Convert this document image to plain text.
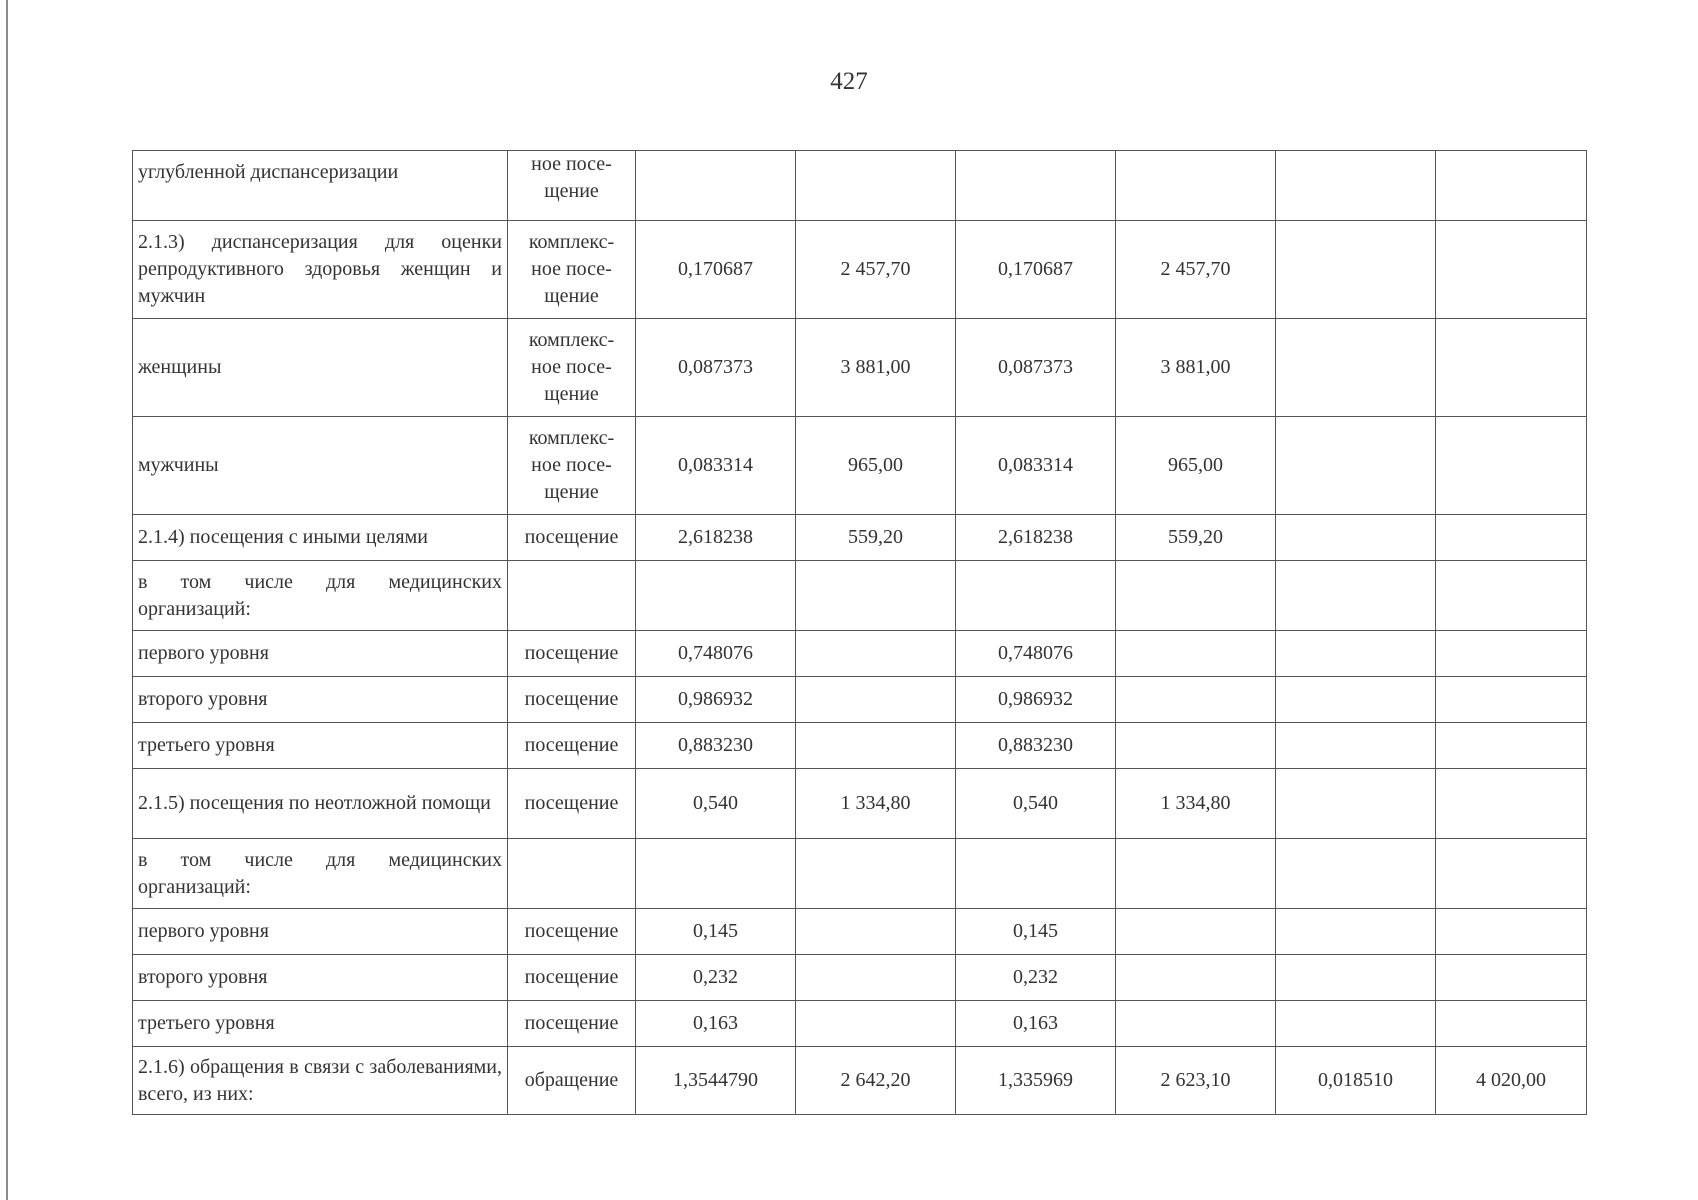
427
углубленной диспансеризации	ное посе-
щение						

2.1.3) диспансеризация для оценки репродуктивного здоровья женщин и мужчин	комплекс-
ное посе-
щение	0,170687	2 457,70	0,170687	2 457,70		
женщины	комплекс-
ное посе-
щение	0,087373	3 881,00	0,087373	3 881,00		
мужчины	комплекс-
ное посе-
щение	0,083314	965,00	0,083314	965,00		
2.1.4) посещения с иными целями	посещение	2,618238	559,20	2,618238	559,20		
в том числе для медицинских организаций:							
первого уровня	посещение	0,748076		0,748076			
второго уровня	посещение	0,986932		0,986932			
третьего уровня	посещение	0,883230		0,883230			
2.1.5) посещения по неотложной помощи	посещение	0,540	1 334,80	0,540	1 334,80		
в том числе для медицинских организаций:							
первого уровня	посещение	0,145		0,145			
второго уровня	посещение	0,232		0,232			
третьего уровня	посещение	0,163		0,163			
2.1.6) обращения в связи с заболеваниями, всего, из них:	обращение	1,3544790	2 642,20	1,335969	2 623,10	0,018510	4 020,00
